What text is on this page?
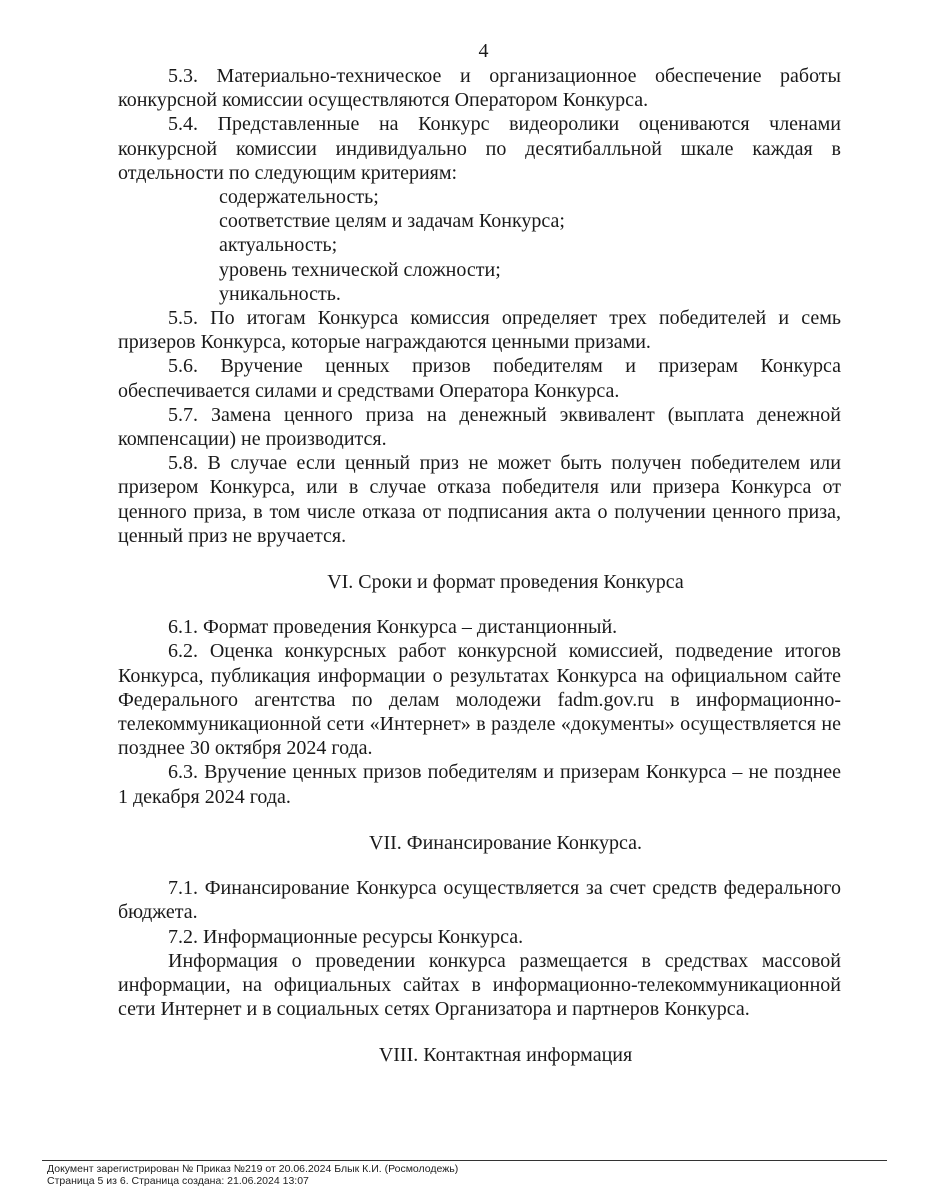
4

5.3. Материально-техническое и организационное обеспечение работы конкурсной комиссии осуществляются Оператором Конкурса.

5.4. Представленные на Конкурс видеоролики оцениваются членами конкурсной комиссии индивидуально по десятибалльной шкале каждая в отдельности по следующим критериям:

содержательность;

соответствие целям и задачам Конкурса;

актуальность;

уровень технической сложности;

уникальность.

5.5. По итогам Конкурса комиссия определяет трех победителей и семь призеров Конкурса, которые награждаются ценными призами.

5.6. Вручение ценных призов победителям и призерам Конкурса обеспечивается силами и средствами Оператора Конкурса.

5.7. Замена ценного приза на денежный эквивалент (выплата денежной компенсации) не производится.

5.8. В случае если ценный приз не может быть получен победителем или призером Конкурса, или в случае отказа победителя или призера Конкурса от ценного приза, в том числе отказа от подписания акта о получении ценного приза, ценный приз не вручается.

VI. Сроки и формат проведения Конкурса

6.1. Формат проведения Конкурса – дистанционный.

6.2. Оценка конкурсных работ конкурсной комиссией, подведение итогов Конкурса, публикация информации о результатах Конкурса на официальном сайте Федерального агентства по делам молодежи fadm.gov.ru в информационно-телекоммуникационной сети «Интернет» в разделе «документы» осуществляется не позднее 30 октября 2024 года.

6.3. Вручение ценных призов победителям и призерам Конкурса – не позднее 1 декабря 2024 года.

VII. Финансирование Конкурса.

7.1. Финансирование Конкурса осуществляется за счет средств федерального бюджета.

7.2. Информационные ресурсы Конкурса.

Информация о проведении конкурса размещается в средствах массовой информации, на официальных сайтах в информационно-телекоммуникационной сети Интернет и в социальных сетях Организатора и партнеров Конкурса.

VIII. Контактная информация

Документ зарегистрирован № Приказ №219 от 20.06.2024 Блык К.И. (Росмолодежь)
Страница 5 из 6. Страница создана: 21.06.2024 13:07
